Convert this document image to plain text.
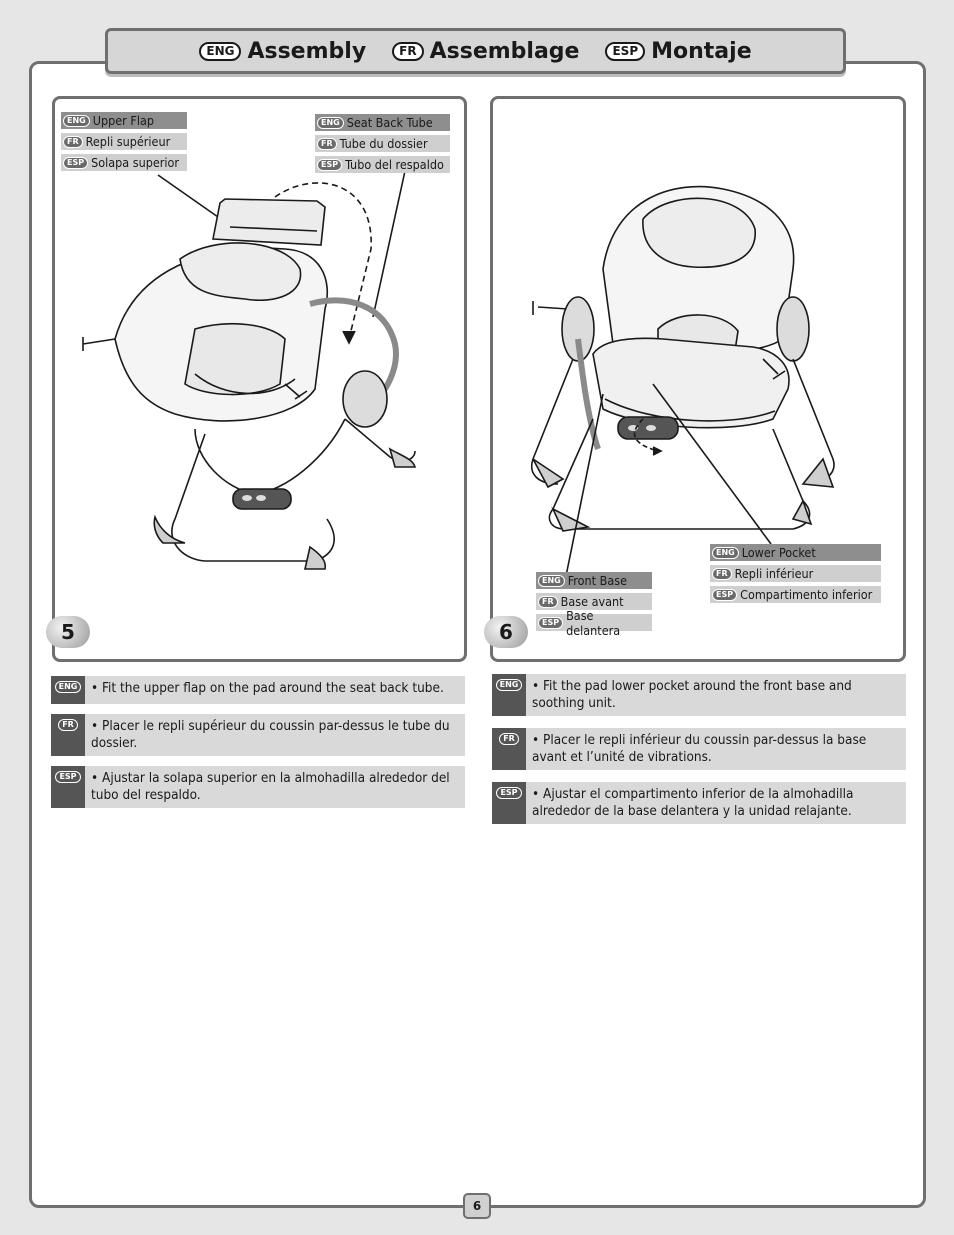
ENG Assembly	FR Assemblage	ESP Montaje
ENG Upper Flap
FR Repli supérieur
ESP Solapa superior
ENG Seat Back Tube
FR Tube du dossier
ESP Tubo del respaldo
5
ENG Lower Pocket
FR Repli inférieur
ESP Compartimento inferior
ENG Front Base
FR Base avant
ESP Base delantera
6
ENG	• Fit the upper flap on the pad around the seat back tube.
FR	• Placer le repli supérieur du coussin par-dessus le tube du dossier.
ESP	• Ajustar la solapa superior en la almohadilla alrededor del tubo del respaldo.
ENG	• Fit the pad lower pocket around the front base and soothing unit.
FR	• Placer le repli inférieur du coussin par-dessus la base avant et l’unité de vibrations.
ESP	• Ajustar el compartimento inferior de la almohadilla alrededor de la base delantera y la unidad relajante.
6
